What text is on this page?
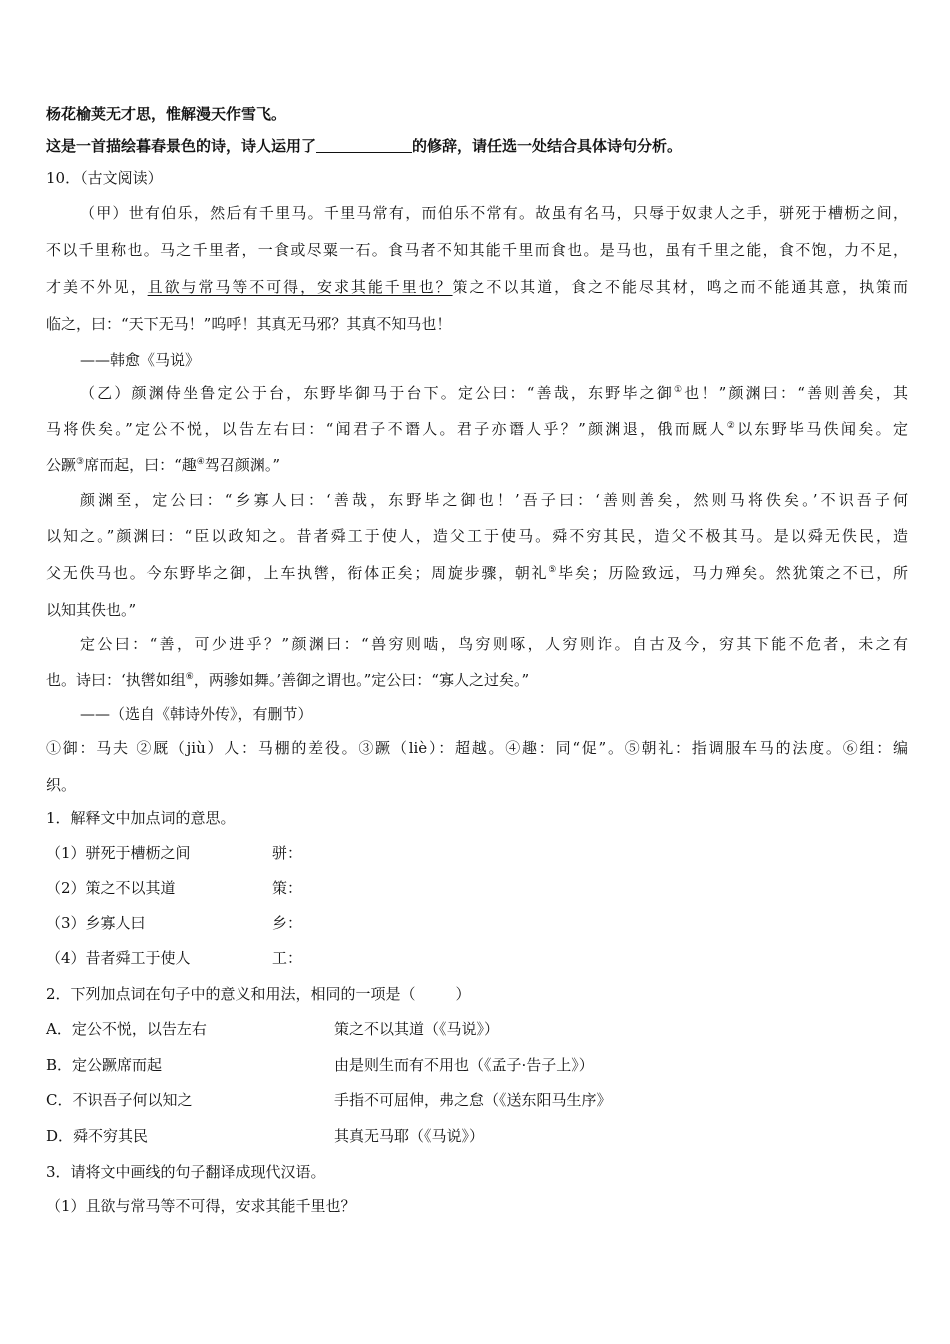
杨花榆荚无才思，惟解漫天作雪飞。
这是一首描绘暮春景色的诗，诗人运用了	的修辞，请任选一处结合具体诗句分析。
10．（古文阅读）
（甲）世有伯乐，然后有千里马。千里马常有，而伯乐不常有。故虽有名马，只辱于奴隶人之手，骈死于槽枥之间，
不以千里称也。马之千里者，一食或尽粟一石。食马者不知其能千里而食也。是马也，虽有千里之能，食不饱，力不足，
才美不外见，且欲与常马等不可得，安求其能千里也？策之不以其道，食之不能尽其材，鸣之而不能通其意，执策而
临之，曰：“天下无马！”呜呼！其真无马邪？其真不知马也！
——韩愈《马说》
（乙）颜渊侍坐鲁定公于台，东野毕御马于台下。定公曰：“善哉，东野毕之御①也！”颜渊曰：“善则善矣，其
马将佚矣。”定公不悦，以告左右曰：“闻君子不谮人。君子亦谮人乎？”颜渊退，俄而厩人②以东野毕马佚闻矣。定
公蹶③席而起，曰：“趣④驾召颜渊。”
颜渊至，定公曰：“乡寡人曰：‘善哉，东野毕之御也！’吾子曰：‘善则善矣，然则马将佚矣。’不识吾子何
以知之。”颜渊曰：“臣以政知之。昔者舜工于使人，造父工于使马。舜不穷其民，造父不极其马。是以舜无佚民，造
父无佚马也。今东野毕之御，上车执辔，衔体正矣；周旋步骤，朝礼⑤毕矣；历险致远，马力殚矣。然犹策之不已，所
以知其佚也。”
定公曰：“善，可少进乎？”颜渊曰：“兽穷则啮，鸟穷则啄，人穷则诈。自古及今，穷其下能不危者，未之有
也。诗曰：‘执辔如组⑥，两骖如舞。’善御之谓也。”定公曰：“寡人之过矣。”
——（选自《韩诗外传》，有删节）
①御：马夫 ②厩（jiù）人：马棚的差役。③蹶（liè）：超越。④趣：同“促”。⑤朝礼：指调服车马的法度。⑥组：编
织。
1．解释文中加点词的意思。
（1）骈死于槽枥之间	骈：
（2）策之不以其道	策：
（3）乡寡人曰	乡：
（4）昔者舜工于使人	工：
2．下列加点词在句子中的意义和用法，相同的一项是（	）
A．定公不悦，以告左右	策之不以其道（《马说》）
B．定公蹶席而起	由是则生而有不用也（《孟子·告子上》）
C．不识吾子何以知之	手指不可屈伸，弗之怠（《送东阳马生序》
D．舜不穷其民	其真无马耶（《马说》）
3．请将文中画线的句子翻译成现代汉语。
（1）且欲与常马等不可得，安求其能千里也？
